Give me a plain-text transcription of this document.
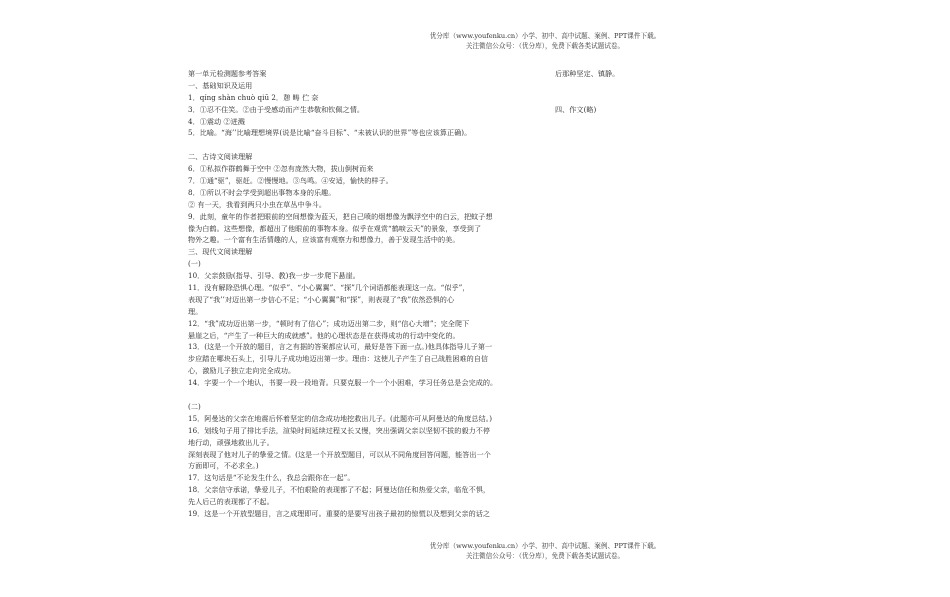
优分库（www.youfenku.cn）小学、初中、高中试题、案例、PPT课件下载。
关注微信公众号：（优分库），免费下载各类试题试卷。
第一单元检测题参考答案
一、基础知识及运用
1．qíng shàn chuò qiū 2．憩 畴 伫 奈
3．①忍不住笑。②由于受感动而产生恭敬和钦佩之情。
4．①震动 ②迸溅
5．比喻。“海’’比喻理想境界(说是比喻“奋斗目标”、“未被认识的世界”等也应该算正确)。
二、古诗文阅读理解
6．①私拟作群鹤舞于空中 ②忽有庞然大物，拔山倒树而来
7．①通“驱”，驱赶。②慢慢地。③鸟鸣。④安适，愉快的样子。
8．①所以不时会学受到超出事物本身的乐趣。
② 有一天，我看到两只小虫在草丛中争斗。
9．此刻，童年的作者把眼前的空间想像为蓝天，把自己喷的烟想像为飘浮空中的白云，把蚊子想
像为白鹤。这些想像，都超出了他眼前的事物本身。似乎在观赏“鹤唳云天”的景象，享受到了
物外之趣。一个富有生活情趣的人，应该富有观察力和想像力，善于发现生活中的美。
三、现代文阅读理解
(一)
10．父亲鼓励(指导、引导、教)我一步一步爬下悬崖。
11．没有解除恐惧心理。“似乎”、“小心翼翼”、“探”几个词语都能表现这一点。“似乎”，
表现了“我’’对迈出第一步信心不足；“小心翼翼”和“探”，则表现了“我”依然恐惧的心
理。
12．“我”成功迈出第一步，“顿时有了信心”；成功迈出第二步，则“信心大增”；完全爬下
悬崖之后，“产生了一种巨大的成就感”。他的心理状态是在获得成功的行动中变化的。
13．(这是一个开放的题目，言之有据的答案都应认可，最好是答下面一点。)他具体指导儿子第一
步应踏在哪块石头上，引导儿子成功地迈出第一步。理由：这使儿子产生了自己战胜困难的自信
心，激励儿子独立走向完全成功。
14．字要一个一个地认，书要一段一段地背。只要克服一个一个小困难，学习任务总是会完成的。
(二)
15．阿曼达的父亲在地震后怀着坚定的信念成功地挖救出儿子。(此题亦可从阿曼达的角度总结。)
16．划线句子用了排比手法，渲染时间延续过程又长又慢，突出强调父亲以坚韧不拔的毅力不停
地行动，顽强地救出儿子。
深刻表现了他对儿子的挚爱之情。(这是一个开放型题目，可以从不同角度回答问题，能答出一个
方面即可，不必求全。)
17．这句话是“不论发生什么，我总会跟你在一起”。
18．父亲信守承诺，挚爱儿子，不怕艰险的表现都了不起；阿曼达信任和热爱父亲，临危不惧，
先人后己的表现都了不起。
19．这是一个开放型题目，言之成理即可。重要的是要写出孩子最初的惊慌以及想到父亲的话之
后那种坚定、镇静。
四、作文(略)
优分库（www.youfenku.cn）小学、初中、高中试题、案例、PPT课件下载。
关注微信公众号：（优分库），免费下载各类试题试卷。
